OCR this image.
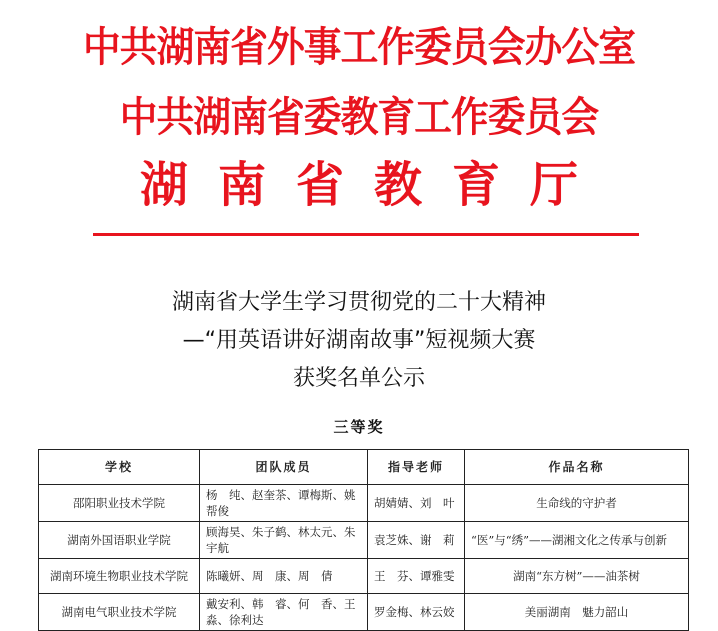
中共湖南省外事工作委员会办公室
中共湖南省委教育工作委员会
湖南省教育厅
湖南省大学生学习贯彻党的二十大精神
—“用英语讲好湖南故事”短视频大赛
获奖名单公示
三等奖
学校	团队成员	指导老师	作品名称
邵阳职业技术学院	杨　纯、赵奎茶、谭梅斯、姚帮俊	胡婧婧、刘　叶	生命线的守护者
湖南外国语职业学院	顾海昊、朱子鹤、林太元、朱宇航	袁芝姝、谢　莉	“医”与“绣”——湖湘文化之传承与创新
湖南环境生物职业技术学院	陈曦妍、周　康、周　倩	王　芬、谭雅雯	湖南“东方树”——油茶树
湖南电气职业技术学院	戴安利、韩　睿、何　香、王　淼、徐利达	罗金梅、林云姣	美丽湖南　魅力韶山
